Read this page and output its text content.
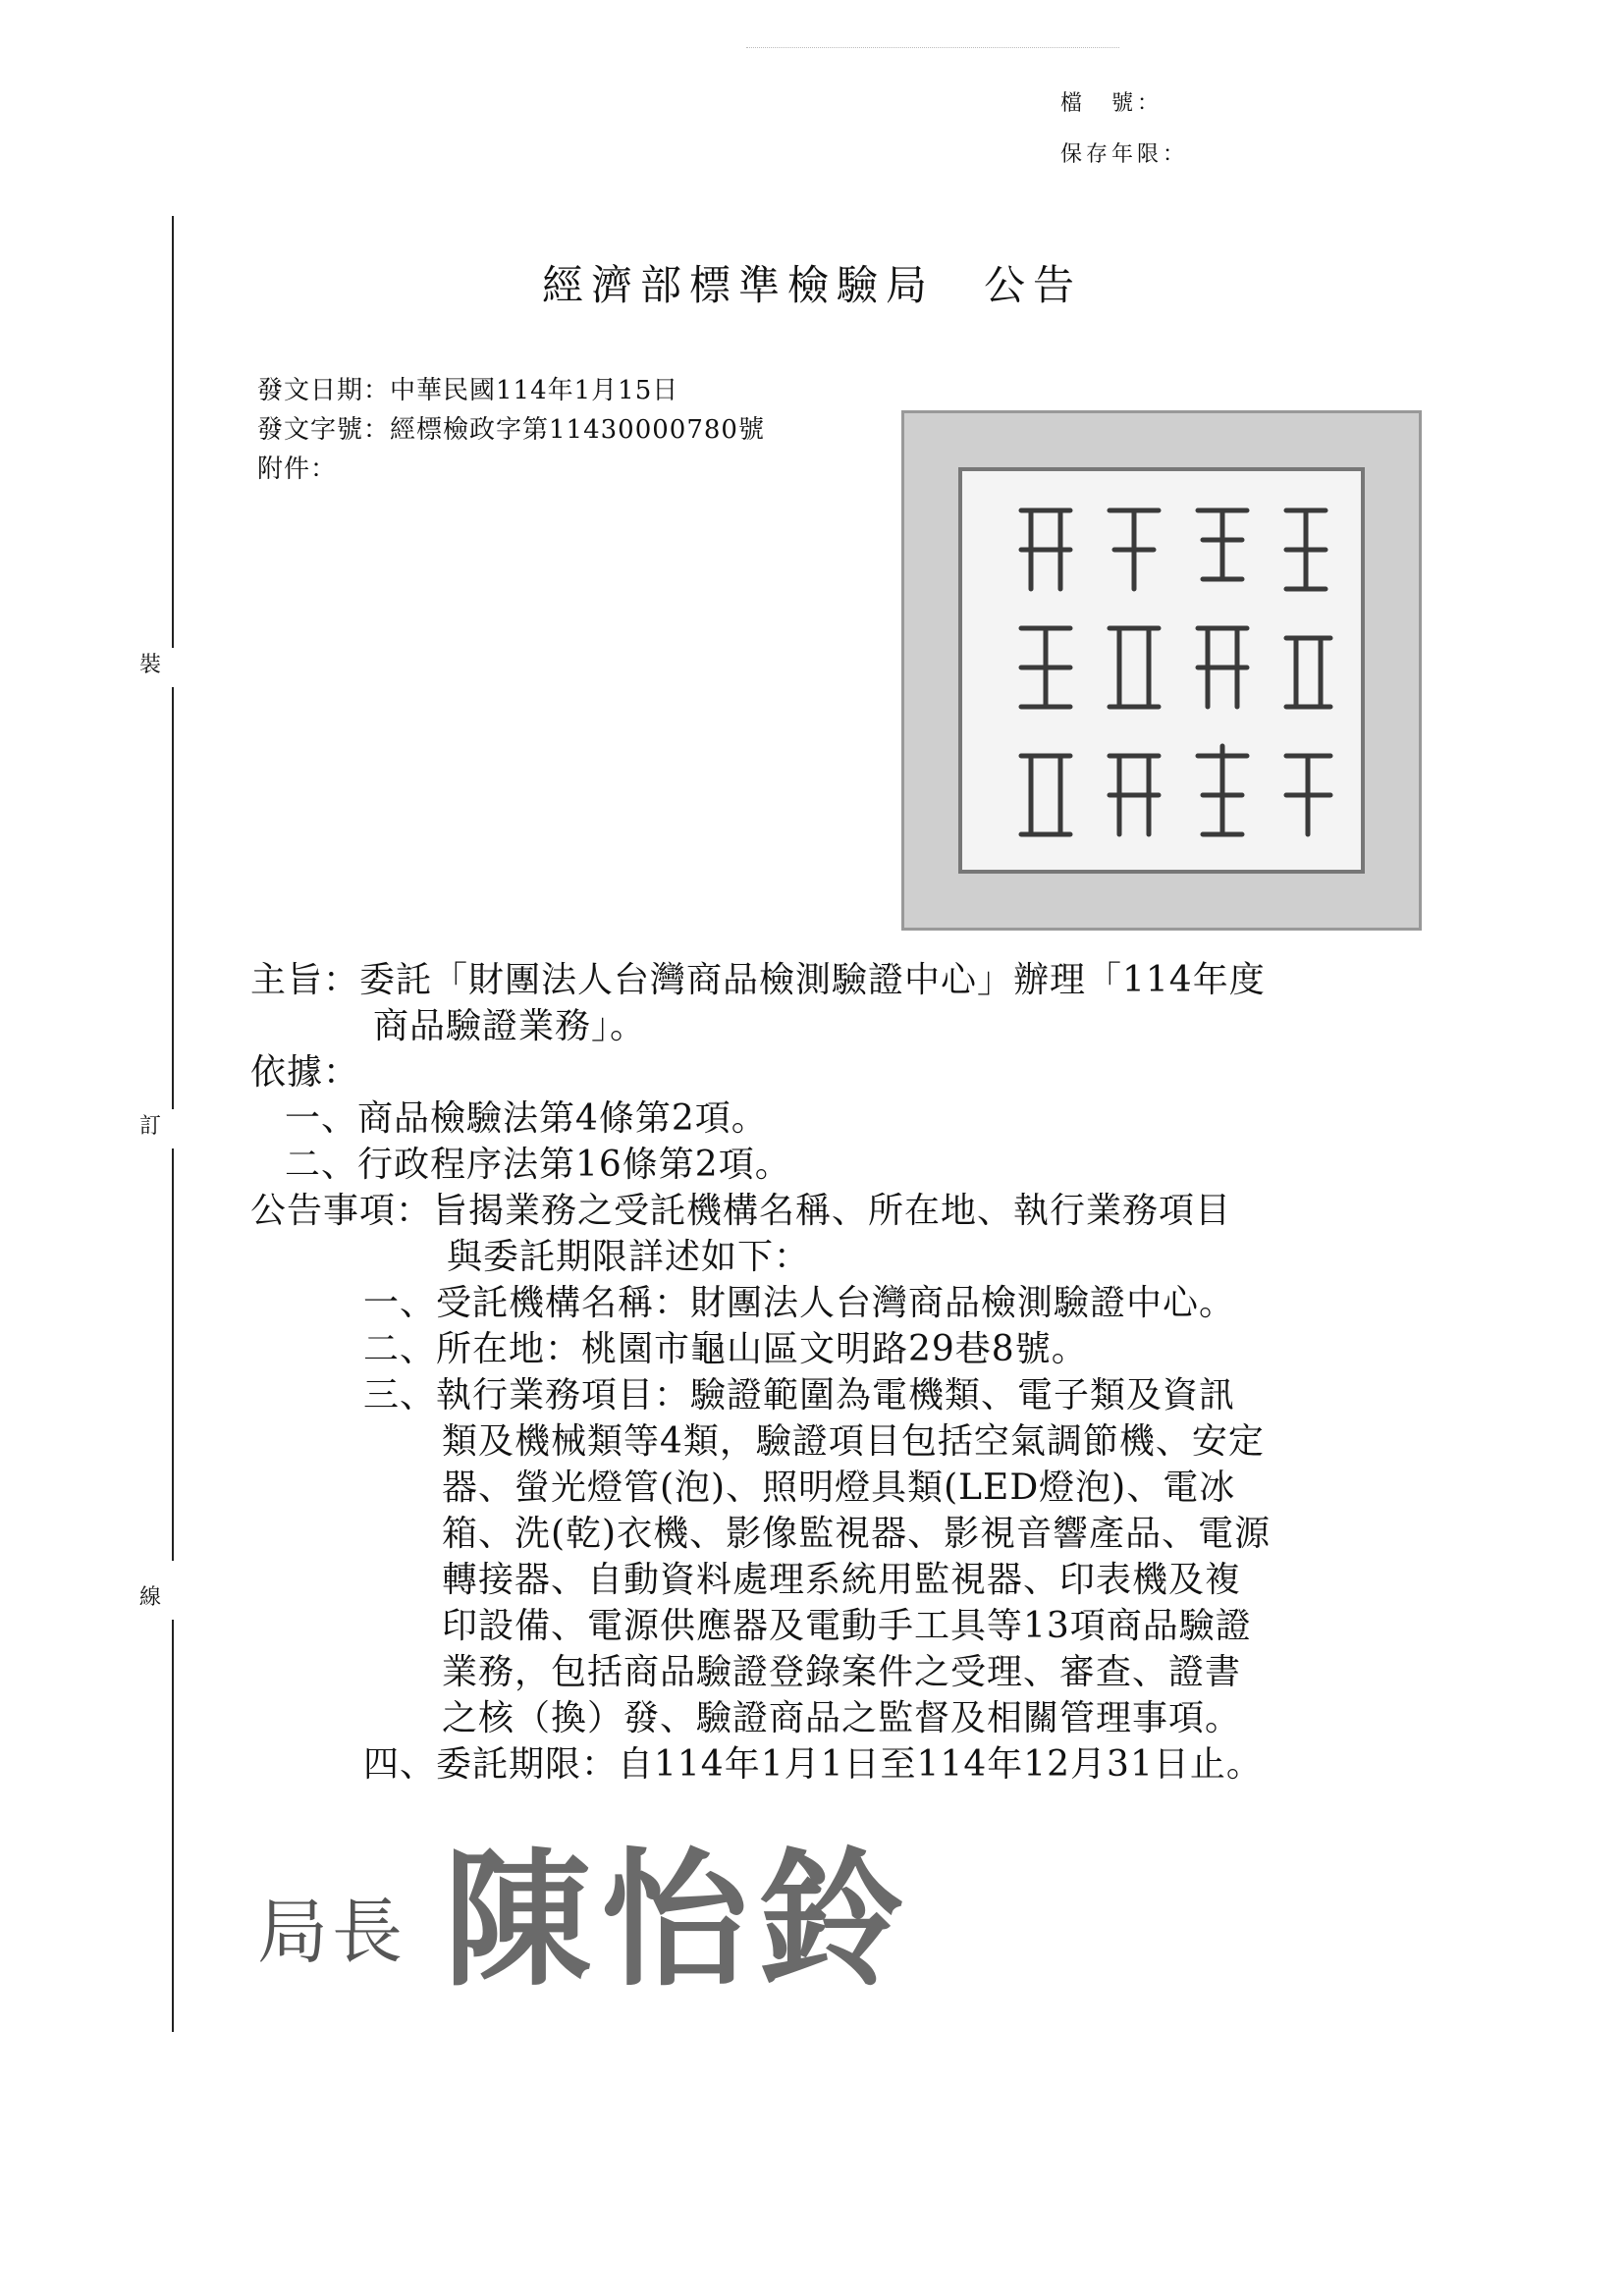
檔　號：
保存年限：
裝
訂
線
經濟部標準檢驗局　公告
發文日期：中華民國114年1月15日
發文字號：經標檢政字第11430000780號
附件：
主旨：委託「財團法人台灣商品檢測驗證中心」辦理「114年度
商品驗證業務」。
依據：
一、商品檢驗法第4條第2項。
二、行政程序法第16條第2項。
公告事項：旨揭業務之受託機構名稱、所在地、執行業務項目
與委託期限詳述如下：
一、受託機構名稱：財團法人台灣商品檢測驗證中心。
二、所在地：桃園市龜山區文明路29巷8號。
三、執行業務項目：驗證範圍為電機類、電子類及資訊
類及機械類等4類，驗證項目包括空氣調節機、安定
器、螢光燈管(泡)、照明燈具類(LED燈泡)、電冰
箱、洗(乾)衣機、影像監視器、影視音響產品、電源
轉接器、自動資料處理系統用監視器、印表機及複
印設備、電源供應器及電動手工具等13項商品驗證
業務，包括商品驗證登錄案件之受理、審查、證書
之核（換）發、驗證商品之監督及相關管理事項。
四、委託期限：自114年1月1日至114年12月31日止。
局長 陳怡鈴
